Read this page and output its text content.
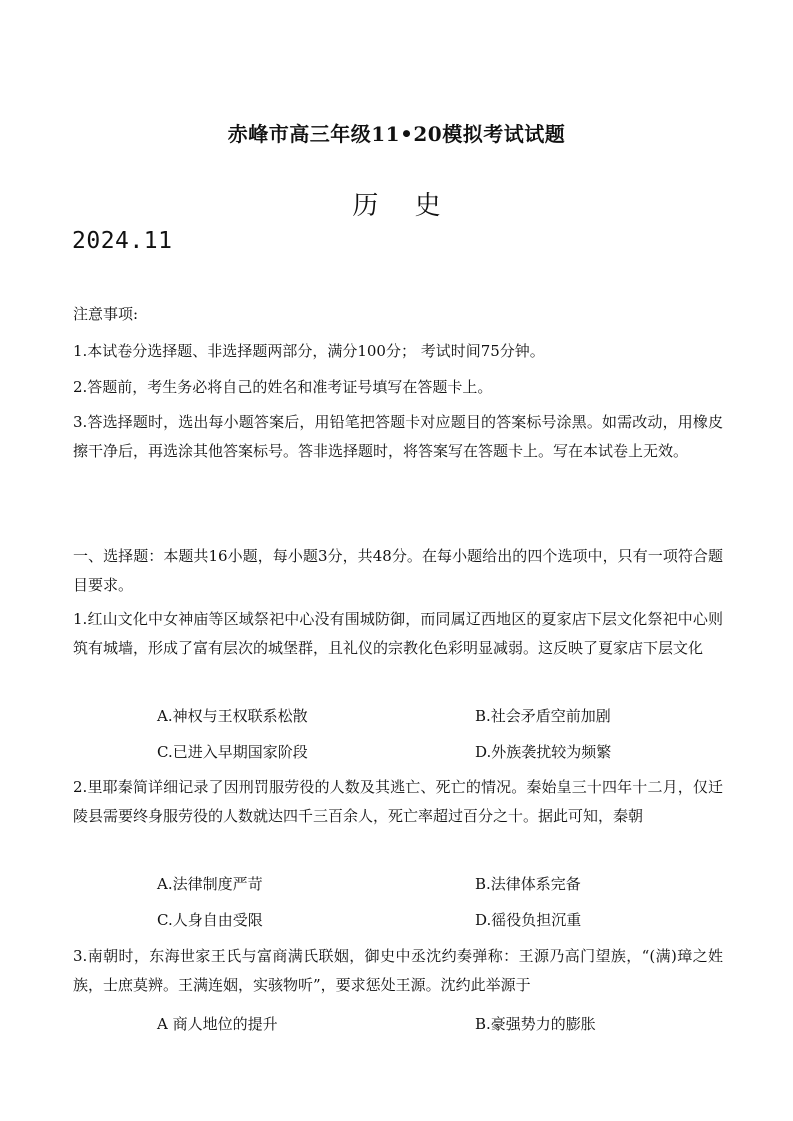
赤峰市高三年级11•20模拟考试试题
历 史
2024.11
注意事项:
1.本试卷分选择题、非选择题两部分，满分100分； 考试时间75分钟。
2.答题前，考生务必将自己的姓名和准考证号填写在答题卡上。
3.答选择题时，选出每小题答案后，用铅笔把答题卡对应题目的答案标号涂黑。如需改动，用橡皮擦干净后，再选涂其他答案标号。答非选择题时，将答案写在答题卡上。写在本试卷上无效。
一、选择题：本题共16小题，每小题3分，共48分。在每小题给出的四个选项中，只有一项符合题目要求。
1.红山文化中女神庙等区域祭祀中心没有围城防御，而同属辽西地区的夏家店下层文化祭祀中心则筑有城墙，形成了富有层次的城堡群，且礼仪的宗教化色彩明显减弱。这反映了夏家店下层文化
A.神权与王权联系松散	B.社会矛盾空前加剧
C.已进入早期国家阶段	D.外族袭扰较为频繁
2.里耶秦简详细记录了因刑罚服劳役的人数及其逃亡、死亡的情况。秦始皇三十四年十二月，仅迁陵县需要终身服劳役的人数就达四千三百余人，死亡率超过百分之十。据此可知，秦朝
A.法律制度严苛	B.法律体系完备
C.人身自由受限	D.徭役负担沉重
3.南朝时，东海世家王氏与富商满氏联姻，御史中丞沈约奏弹称：王源乃高门望族，“(满)璋之姓族，士庶莫辨。王满连姻，实骇物听”，要求惩处王源。沈约此举源于
A 商人地位的提升	B.豪强势力的膨胀
